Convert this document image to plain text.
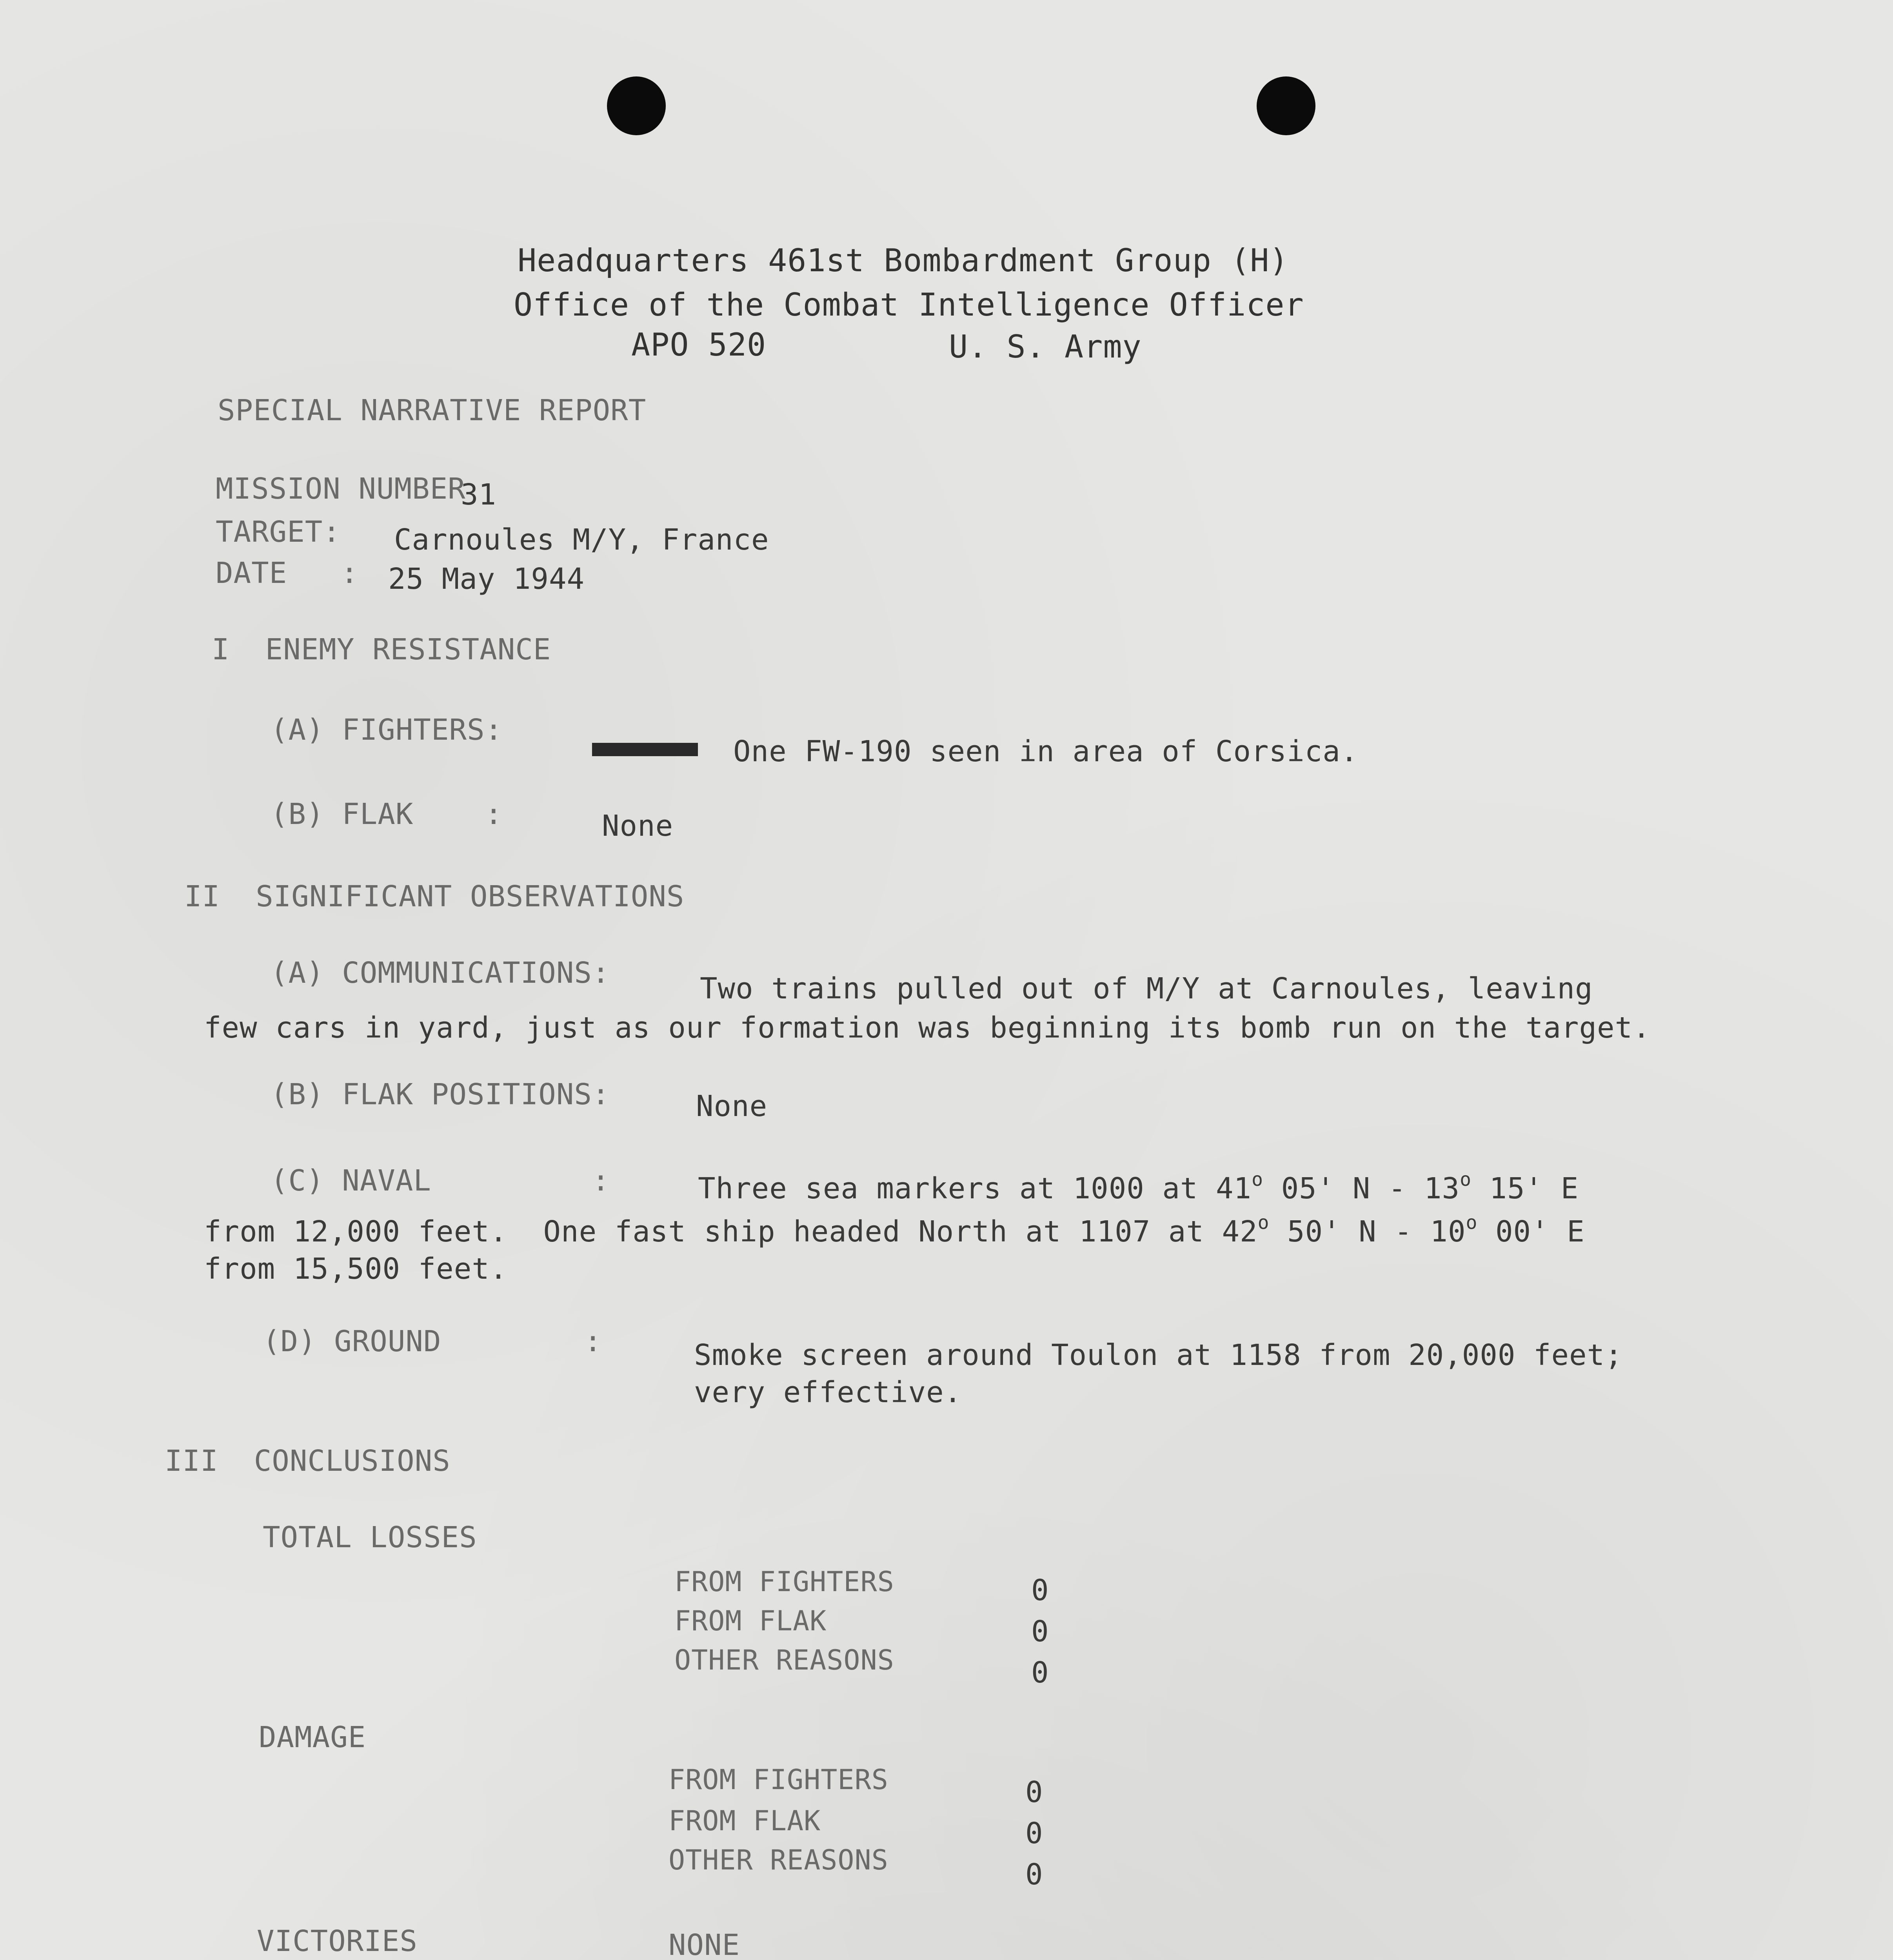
Headquarters 461st Bombardment Group (H)
Office of the Combat Intelligence Officer
APO 520	U. S. Army
SPECIAL NARRATIVE REPORT
MISSION NUMBER
31
TARGET: Carnoules M/Y, France
DATE   : 25 May 1944
I  ENEMY RESISTANCE
(A) FIGHTERS:
One FW-190 seen in area of Corsica.
(B) FLAK    :	None
II  SIGNIFICANT OBSERVATIONS
(A) COMMUNICATIONS:	Two trains pulled out of M/Y at Carnoules, leaving
few cars in yard, just as our formation was beginning its bomb run on the target.
(B) FLAK POSITIONS:	None
(C) NAVAL         :	Three sea markers at 1000 at 41$^o$ 05' N - 13$^o$ 15' E
from 12,000 feet.  One fast ship headed North at 1107 at 42$^o$ 50' N - 10$^o$ 00' E
from 15,500 feet.
(D) GROUND        :	Smoke screen around Toulon at 1158 from 20,000 feet;
very effective.
III  CONCLUSIONS
TOTAL LOSSES
FROM FIGHTERS	0
FROM FLAK	0
OTHER REASONS	0
DAMAGE
FROM FIGHTERS	0
FROM FLAK	0
OTHER REASONS	0
VICTORIES	NONE
